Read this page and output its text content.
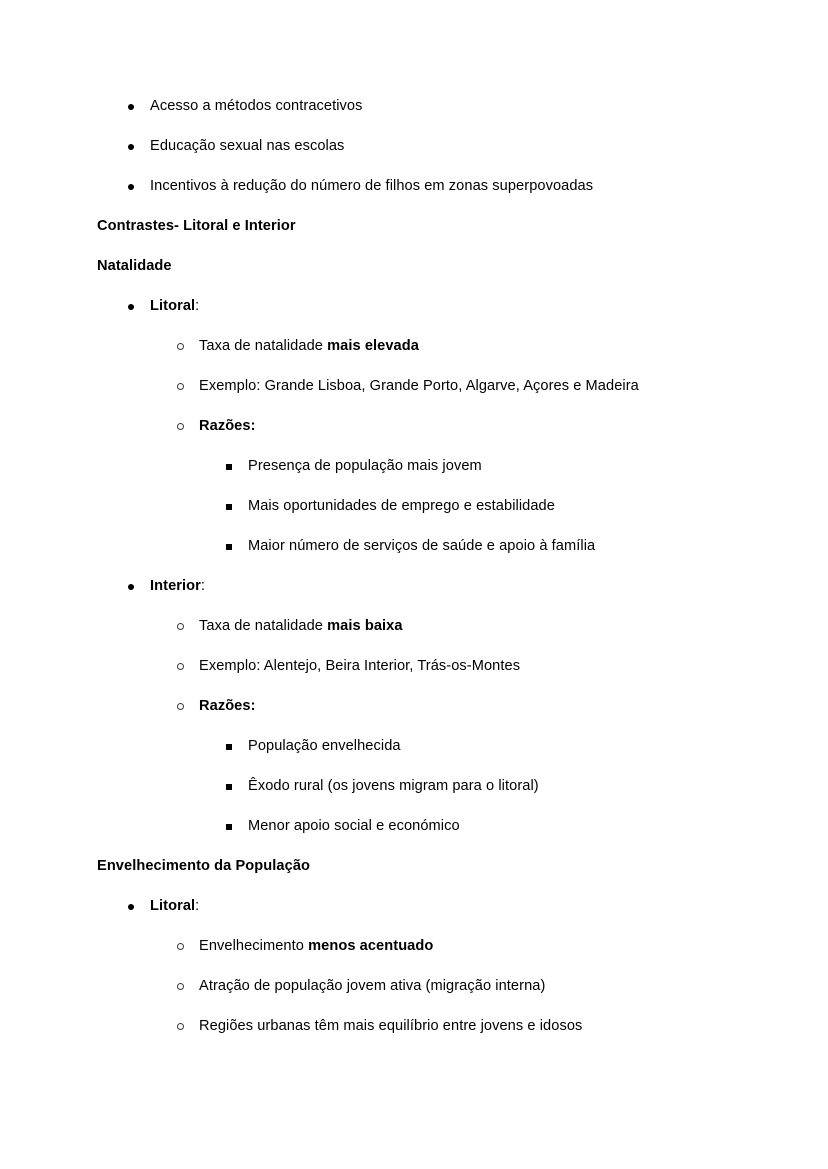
Acesso a métodos contracetivos
Educação sexual nas escolas
Incentivos à redução do número de filhos em zonas superpovoadas
Contrastes- Litoral e Interior
Natalidade
Litoral:
Taxa de natalidade mais elevada
Exemplo: Grande Lisboa, Grande Porto, Algarve, Açores e Madeira
Razões:
Presença de população mais jovem
Mais oportunidades de emprego e estabilidade
Maior número de serviços de saúde e apoio à família
Interior:
Taxa de natalidade mais baixa
Exemplo: Alentejo, Beira Interior, Trás-os-Montes
Razões:
População envelhecida
Êxodo rural (os jovens migram para o litoral)
Menor apoio social e económico
Envelhecimento da População
Litoral:
Envelhecimento menos acentuado
Atração de população jovem ativa (migração interna)
Regiões urbanas têm mais equilíbrio entre jovens e idosos
